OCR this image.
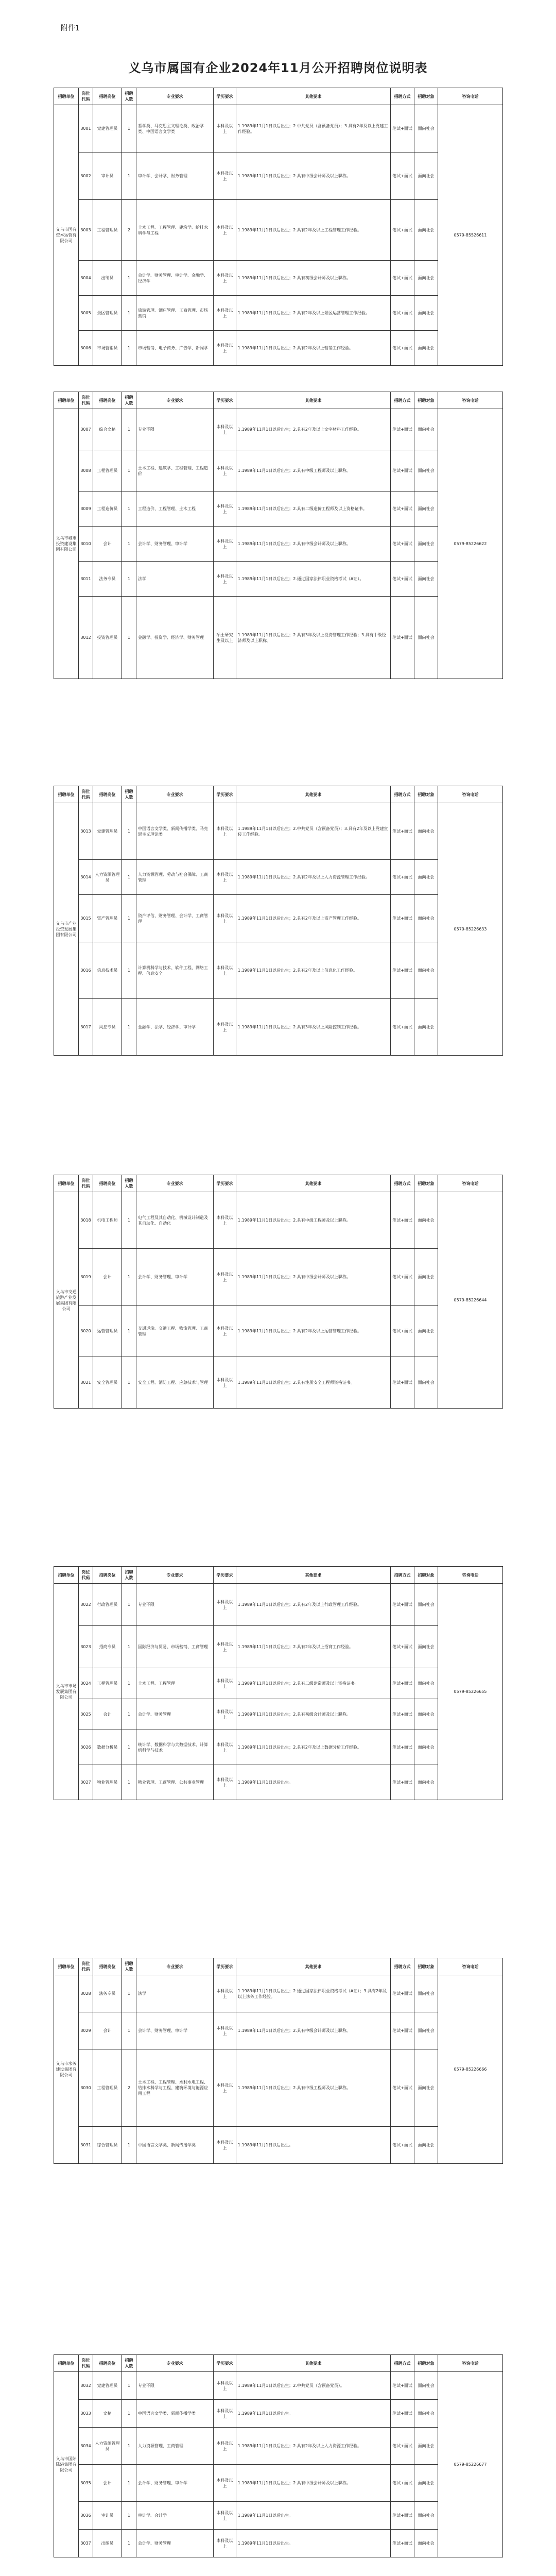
附件1
义乌市属国有企业2024年11月公开招聘岗位说明表
招聘单位	岗位代码	招聘岗位	招聘人数	专业要求	学历要求	其他要求	招聘方式	招聘对象	咨询电话
义乌市国有资本运营有限公司	3001	党建管理员	1	哲学类、马克思主义理论类、政治学类、中国语言文学类	本科及以上	1.1989年11月1日以后出生；2.中共党员（含预备党员）；3.具有2年及以上党建工作经验。	笔试+面试	面向社会	0579-85526611
	3002	审计员	1	审计学、会计学、财务管理	本科及以上	1.1989年11月1日以后出生；2.具有中级会计师及以上职称。	笔试+面试	面向社会	
	3003	工程管理员	2	土木工程、工程管理、建筑学、给排水科学与工程	本科及以上	1.1989年11月1日以后出生；2.具有2年及以上工程管理工作经验。	笔试+面试	面向社会	
	3004	出纳员	1	会计学、财务管理、审计学、金融学、经济学	本科及以上	1.1989年11月1日以后出生；2.具有初级会计师及以上职称。	笔试+面试	面向社会	
	3005	景区管理员	1	旅游管理、酒店管理、工商管理、市场营销	本科及以上	1.1989年11月1日以后出生；2.具有2年及以上景区运营管理工作经验。	笔试+面试	面向社会	
	3006	市场营销员	1	市场营销、电子商务、广告学、新闻学	本科及以上	1.1989年11月1日以后出生；2.具有2年及以上营销工作经验。	笔试+面试	面向社会	
招聘单位	岗位代码	招聘岗位	招聘人数	专业要求	学历要求	其他要求	招聘方式	招聘对象	咨询电话
义乌市城市投资建设集团有限公司	3007	综合文秘	1	专业不限	本科及以上	1.1989年11月1日以后出生；2.具有2年及以上文字材料工作经验。	笔试+面试	面向社会	0579-85226622
	3008	工程管理员	1	土木工程、建筑学、工程管理、工程造价	本科及以上	1.1989年11月1日以后出生；2.具有中级工程师及以上职称。	笔试+面试	面向社会	
	3009	工程造价员	1	工程造价、工程管理、土木工程	本科及以上	1.1989年11月1日以后出生；2.具有二级造价工程师及以上资格证书。	笔试+面试	面向社会	
	3010	会计	1	会计学、财务管理、审计学	本科及以上	1.1989年11月1日以后出生；2.具有中级会计师及以上职称。	笔试+面试	面向社会	
	3011	法务专员	1	法学	本科及以上	1.1989年11月1日以后出生；2.通过国家法律职业资格考试（A证）。	笔试+面试	面向社会	
	3012	投资管理员	1	金融学、投资学、经济学、财务管理	硕士研究生及以上	1.1989年11月1日以后出生；2.具有3年及以上投资管理工作经验；3.具有中级经济师及以上职称。	笔试+面试	面向社会	
招聘单位	岗位代码	招聘岗位	招聘人数	专业要求	学历要求	其他要求	招聘方式	招聘对象	咨询电话
义乌市产业投资发展集团有限公司	3013	党建管理员	1	中国语言文学类、新闻传播学类、马克思主义理论类	本科及以上	1.1989年11月1日以后出生；2.中共党员（含预备党员）；3.具有2年及以上党建宣传工作经验。	笔试+面试	面向社会	0579-85226633
	3014	人力资源管理员	1	人力资源管理、劳动与社会保障、工商管理	本科及以上	1.1989年11月1日以后出生；2.具有2年及以上人力资源管理工作经验。	笔试+面试	面向社会	
	3015	资产管理员	1	资产评估、财务管理、会计学、工商管理	本科及以上	1.1989年11月1日以后出生；2.具有2年及以上资产管理工作经验。	笔试+面试	面向社会	
	3016	信息技术员	1	计算机科学与技术、软件工程、网络工程、信息安全	本科及以上	1.1989年11月1日以后出生；2.具有2年及以上信息化工作经验。	笔试+面试	面向社会	
	3017	风控专员	1	金融学、法学、经济学、审计学	本科及以上	1.1989年11月1日以后出生；2.具有3年及以上风险控制工作经验。	笔试+面试	面向社会	
招聘单位	岗位代码	招聘岗位	招聘人数	专业要求	学历要求	其他要求	招聘方式	招聘对象	咨询电话
义乌市交通旅游产业发展集团有限公司	3018	机电工程师	1	电气工程及其自动化、机械设计制造及其自动化、自动化	本科及以上	1.1989年11月1日以后出生；2.具有中级工程师及以上职称。	笔试+面试	面向社会	0579-85226644
	3019	会计	1	会计学、财务管理、审计学	本科及以上	1.1989年11月1日以后出生；2.具有中级会计师及以上职称。	笔试+面试	面向社会	
	3020	运营管理员	1	交通运输、交通工程、物流管理、工商管理	本科及以上	1.1989年11月1日以后出生；2.具有2年及以上运营管理工作经验。	笔试+面试	面向社会	
	3021	安全管理员	1	安全工程、消防工程、应急技术与管理	本科及以上	1.1989年11月1日以后出生；2.具有注册安全工程师资格证书。	笔试+面试	面向社会	
招聘单位	岗位代码	招聘岗位	招聘人数	专业要求	学历要求	其他要求	招聘方式	招聘对象	咨询电话
义乌市市场发展集团有限公司	3022	行政管理员	1	专业不限	本科及以上	1.1989年11月1日以后出生；2.具有2年及以上行政管理工作经验。	笔试+面试	面向社会	0579-85226655
	3023	招商专员	1	国际经济与贸易、市场营销、工商管理	本科及以上	1.1989年11月1日以后出生；2.具有2年及以上招商工作经验。	笔试+面试	面向社会	
	3024	工程管理员	1	土木工程、工程管理	本科及以上	1.1989年11月1日以后出生；2.具有二级建造师及以上资格证书。	笔试+面试	面向社会	
	3025	会计	1	会计学、财务管理	本科及以上	1.1989年11月1日以后出生；2.具有初级会计师及以上职称。	笔试+面试	面向社会	
	3026	数据分析员	1	统计学、数据科学与大数据技术、计算机科学与技术	本科及以上	1.1989年11月1日以后出生；2.具有2年及以上数据分析工作经验。	笔试+面试	面向社会	
	3027	物业管理员	1	物业管理、工商管理、公共事业管理	本科及以上	1.1989年11月1日以后出生。	笔试+面试	面向社会	
招聘单位	岗位代码	招聘岗位	招聘人数	专业要求	学历要求	其他要求	招聘方式	招聘对象	咨询电话
义乌市水务建设集团有限公司	3028	法务专员	1	法学	本科及以上	1.1989年11月1日以后出生；2.通过国家法律职业资格考试（A证）；3.具有2年及以上法务工作经验。	笔试+面试	面向社会	0579-85226666
	3029	会计	1	会计学、财务管理、审计学	本科及以上	1.1989年11月1日以后出生；2.具有中级会计师及以上职称。	笔试+面试	面向社会	
	3030	工程管理员	2	土木工程、工程管理、水利水电工程、给排水科学与工程、建筑环境与能源应用工程	本科及以上	1.1989年11月1日以后出生；2.具有中级工程师及以上职称。	笔试+面试	面向社会	
	3031	综合管理员	1	中国语言文学类、新闻传播学类	本科及以上	1.1989年11月1日以后出生。	笔试+面试	面向社会	
招聘单位	岗位代码	招聘岗位	招聘人数	专业要求	学历要求	其他要求	招聘方式	招聘对象	咨询电话
义乌市国际陆港集团有限公司	3032	党建管理员	1	专业不限	本科及以上	1.1989年11月1日以后出生；2.中共党员（含预备党员）。	笔试+面试	面向社会	0579-85226677
	3033	文秘	1	中国语言文学类、新闻传播学类	本科及以上	1.1989年11月1日以后出生。	笔试+面试	面向社会	
	3034	人力资源管理员	1	人力资源管理、工商管理	本科及以上	1.1989年11月1日以后出生；2.具有2年及以上人力资源工作经验。	笔试+面试	面向社会	
	3035	会计	1	会计学、财务管理、审计学	本科及以上	1.1989年11月1日以后出生；2.具有中级会计师及以上职称。	笔试+面试	面向社会	
	3036	审计员	1	审计学、会计学	本科及以上	1.1989年11月1日以后出生。	笔试+面试	面向社会	
	3037	出纳员	1	会计学、财务管理	本科及以上	1.1989年11月1日以后出生。	笔试+面试	面向社会	
